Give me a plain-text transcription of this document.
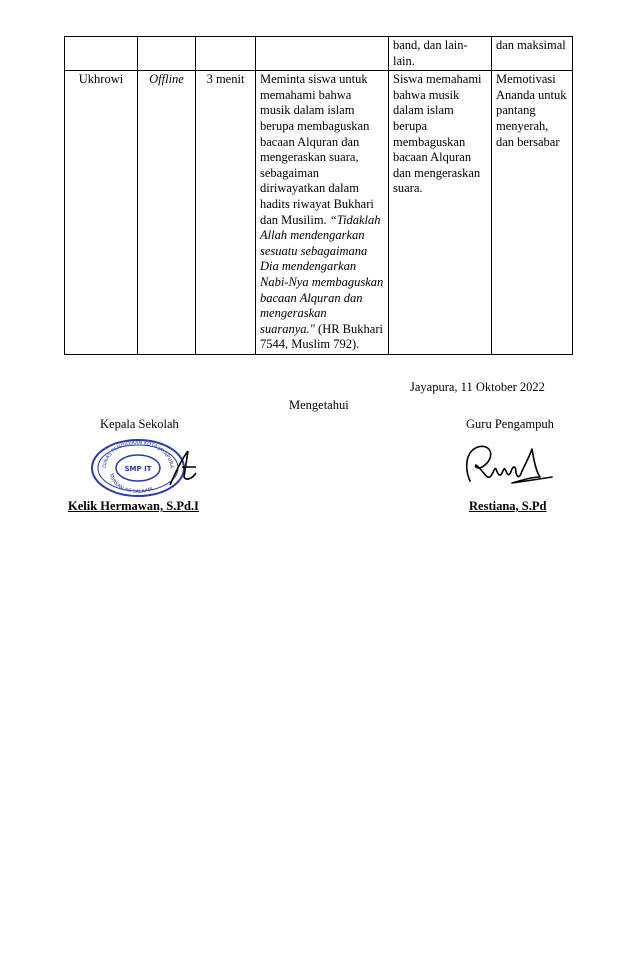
				band, dan lain-lain.	dan maksimal
Ukhrowi	Offline	3 menit	Meminta siswa untuk memahami bahwa musik dalam islam berupa membaguskan bacaan Alquran dan mengeraskan suara, sebagaiman diriwayatkan dalam hadits riwayat Bukhari dan Musilim. “Tidaklah Allah mendengarkan sesuatu sebagaimana Dia mendengarkan Nabi-Nya membaguskan bacaan Alquran dan mengeraskan suaranya." (HR Bukhari 7544, Muslim 792).	Siswa memahami bahwa musik dalam islam berupa membaguskan bacaan Alquran dan mengeraskan suara.	Memotivasi Ananda untuk pantang menyerah, dan bersabar
Jayapura, 11 Oktober 2022
Mengetahui
Kepala Sekolah	Guru Pengampuh
DINAS PENDIDIKAN KOTA JAYAPURA
YAYASAN AS SALAAM
SMP IT
Kelik Hermawan, S.Pd.I	Restiana, S.Pd
